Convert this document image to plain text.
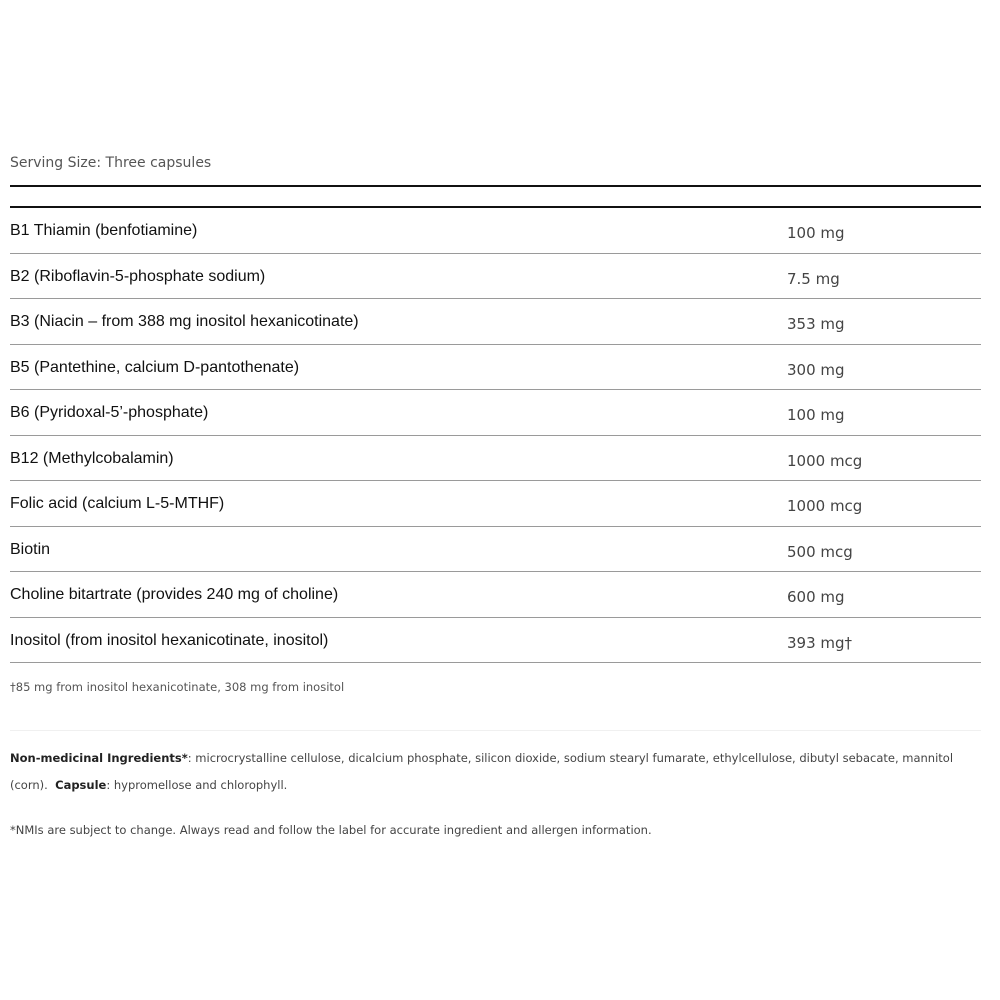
Serving Size: Three capsules
B1 Thiamin (benfotiamine)	100 mg
B2 (Riboflavin-5-phosphate sodium)	7.5 mg
B3 (Niacin – from 388 mg inositol hexanicotinate)	353 mg
B5 (Pantethine, calcium D-pantothenate)	300 mg
B6 (Pyridoxal-5’-phosphate)	100 mg
B12 (Methylcobalamin)	1000 mcg
Folic acid (calcium L-5-MTHF)	1000 mcg
Biotin	500 mcg
Choline bitartrate (provides 240 mg of choline)	600 mg
Inositol (from inositol hexanicotinate, inositol)	393 mg†
†85 mg from inositol hexanicotinate, 308 mg from inositol
Non-medicinal Ingredients*: microcrystalline cellulose, dicalcium phosphate, silicon dioxide, sodium stearyl fumarate, ethylcellulose, dibutyl sebacate, mannitol (corn). Capsule: hypromellose and chlorophyll.
*NMIs are subject to change. Always read and follow the label for accurate ingredient and allergen information.
